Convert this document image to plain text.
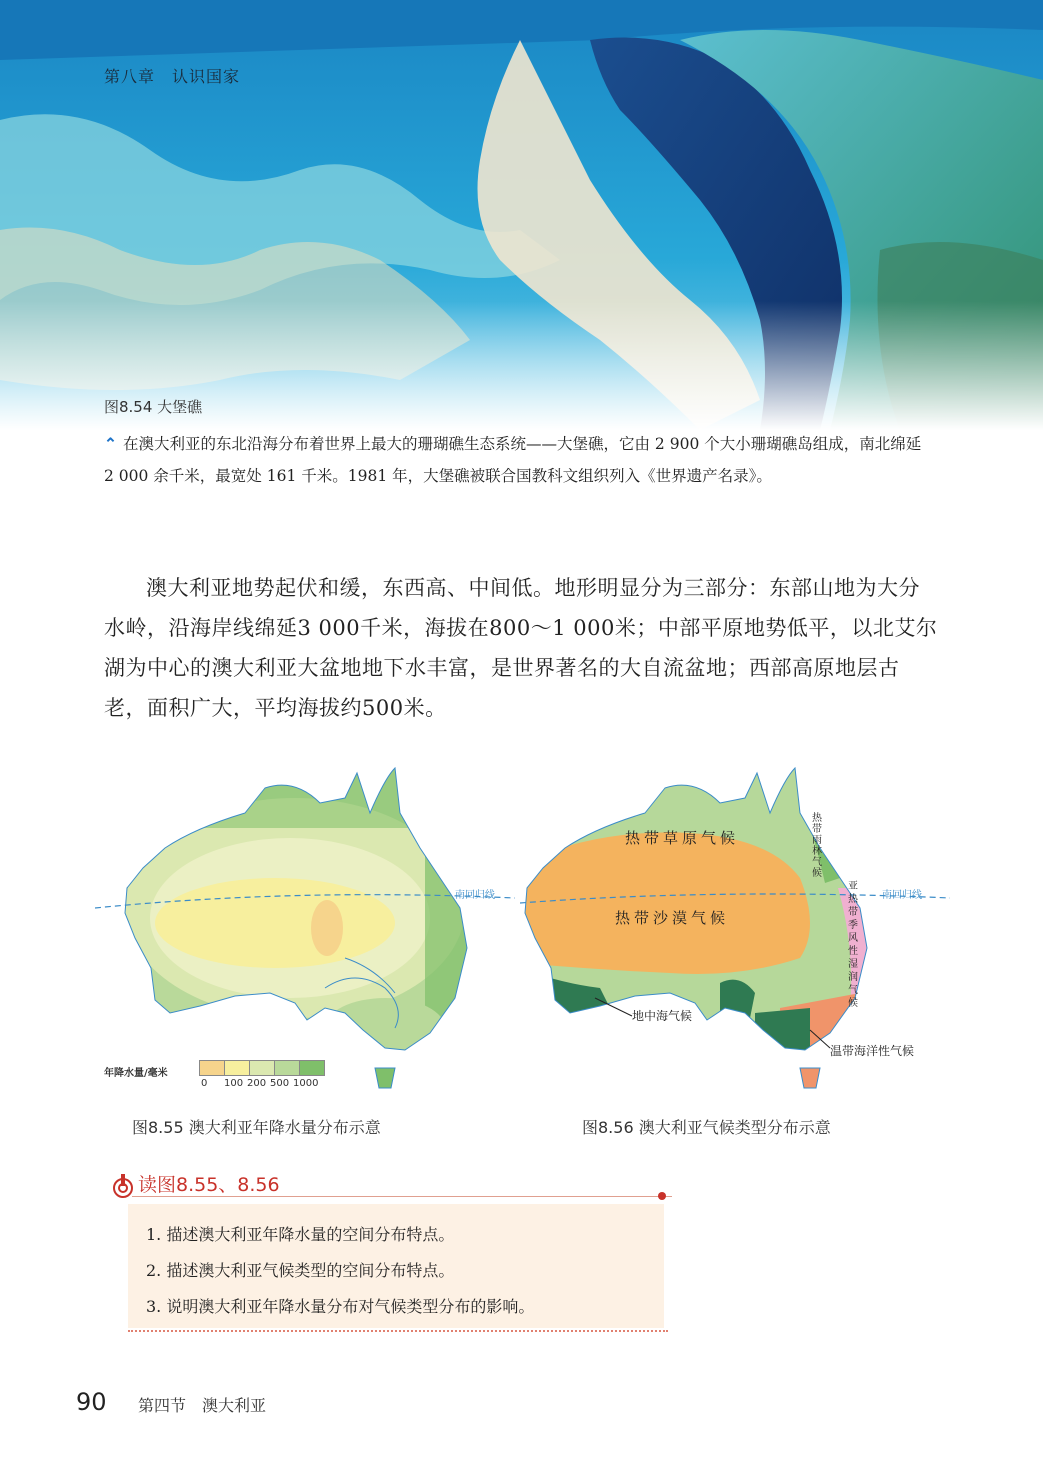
第八章　认识国家
图8.54 大堡礁
⌃ 在澳大利亚的东北沿海分布着世界上最大的珊瑚礁生态系统——大堡礁，它由 2 900 个大小珊瑚礁岛组成，南北绵延 2 000 余千米，最宽处 161 千米。1981 年，大堡礁被联合国教科文组织列入《世界遗产名录》。
澳大利亚地势起伏和缓，东西高、中间低。地形明显分为三部分：东部山地为大分水岭，沿海岸线绵延3 000千米，海拔在800～1 000米；中部平原地势低平，以北艾尔湖为中心的澳大利亚大盆地地下水丰富，是世界著名的大自流盆地；西部高原地层古老，面积广大，平均海拔约500米。
南回归线
年降水量/毫米
0 100 200 500 1000
图8.55 澳大利亚年降水量分布示意
南回归线
热带草原气候
热带沙漠气候
地中海气候
温带海洋性气候
热带雨林气候
亚热带季风性湿润气候
图8.56 澳大利亚气候类型分布示意
读图8.55、8.56
1. 描述澳大利亚年降水量的空间分布特点。
2. 描述澳大利亚气候类型的空间分布特点。
3. 说明澳大利亚年降水量分布对气候类型分布的影响。
90 第四节　澳大利亚
